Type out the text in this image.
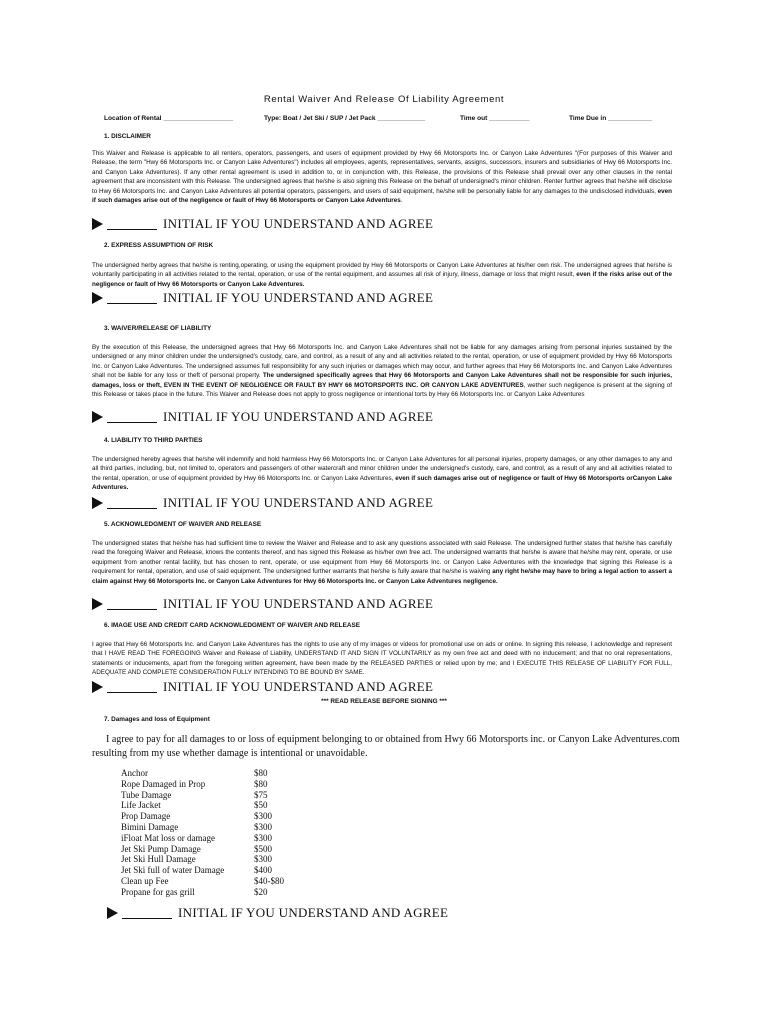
Rental Waiver And Release Of Liability Agreement
Location of Rental ___________________	Type: Boat / Jet Ski / SUP / Jet Pack _____________	Time out ___________	Time Due in ____________
1. DISCLAIMER
This Waiver and Release is applicable to all renters, operators, passengers, and users of equipment provided by Hwy 66 Motorsports Inc. or Canyon Lake Adventures "(For purposes of this Waiver and Release, the term "Hwy 66 Motorsports Inc. or Canyon Lake Adventures") includes all employees, agents, representatives, servants, assigns, successors, insurers and subsidiaries of Hwy 66 Motorsports Inc. and Canyon Lake Adventures). If any other rental agreement is used in addition to, or in conjunction with, this Release, the provisions of this Release shall prevail over any other clauses in the rental agreement that are inconsistent with this Release. The undersigned agrees that he/she is also signing this Release on the behalf of undersigned's minor children. Renter further agrees that he/she will disclose to Hwy 66 Motorsports Inc. and Canyon Lake Adventures all potential operators, passengers, and users of said equipment, he/she will be personally liable for any damages to the undisclosed individuals, even if such damages arise out of the negligence or fault of Hwy 66 Motorsports or Canyon Lake Adventures.
INITIAL IF YOU UNDERSTAND AND AGREE
2. EXPRESS ASSUMPTION OF RISK
The undersigned herby agrees that he/she is renting,operating, or using the equipment provided by Hwy 66 Motorsports or Canyon Lake Adventures at his/her own risk. The undersigned agrees that he/she is voluntarily participating in all activities related to the rental, operation, or use of the rental equipment, and assumes all risk of injury, illness, damage or loss that might result, even if the risks arise out of the negligence or fault of Hwy 66 Motorsports or Canyon Lake Adventures.
INITIAL IF YOU UNDERSTAND AND AGREE
3. WAIVER/RELEASE OF LIABILITY
By the execution of this Release, the undersigned agrees that Hwy 66 Motorsports Inc. and Canyon Lake Adventures shall not be liable for any damages arising from personal injuries sustained by the undersigned or any minor children under the undersigned's custody, care, and control, as a result of any and all activities related to the rental, operation, or use of equipment provided by Hwy 66 Motorsports Inc. or Canyon Lake Adventures. The undersigned assumes full responsibility for any such injuries or damages which may occur, and further agrees that Hwy 66 Motorsports Inc. and Canyon Lake Adventures shall not be liable for any loss or theft of personal property. The undersigned specifically agrees that Hwy 66 Motorsports and Canyon Lake Adventures shall not be responsible for such injuries, damages, loss or theft, EVEN IN THE EVENT OF NEGLIGENCE OR FAULT BY HWY 66 MOTORSPORTS INC. OR CANYON LAKE ADVENTURES, wether such negligence is present at the signing of this Release or takes place in the future. This Waiver and Release does not apply to gross negligence or intentional torts by Hwy 66 Motorsports Inc. or Canyon Lake Adventures
INITIAL IF YOU UNDERSTAND AND AGREE
4. LIABILITY TO THIRD PARTIES
The undersigned hereby agrees that he/she will indemnify and hold harmless Hwy 66 Motorsports Inc. or Canyon Lake Adventures for all personal injuries, property damages, or any other damages to any and all third parties, including, but, not limited to, operators and passengers of other watercraft and minor children under the undersigned's custody, care, and control, as a result of any and all activities related to the rental, operation, or use of equipment provided by Hwy 66 Motorsports Inc. or Canyon Lake Adventures, even if such damages arise out of negligence or fault of Hwy 66 Motorsports orCanyon Lake Adventures.
INITIAL IF YOU UNDERSTAND AND AGREE
5. ACKNOWLEDGMENT OF WAIVER AND RELEASE
The undersigned states that he/she has had sufficient time to review the Waiver and Release and to ask any questions associated with said Release. The undersigned further states that he/she has carefully read the foregoing Waiver and Release, knows the contents thereof, and has signed this Release as his/her own free act. The undersigned warrants that he/she is aware that he/she may rent, operate, or use equipment from another rental facility, but has chosen to rent, operate, or use equipment from Hwy 66 Motorsports Inc. or Canyon Lake Adventures with the knowledge that signing this Release is a requirement for rental, operation, and use of said equipment. The undersigned further warrants that he/she is fully aware that he/she is waiving any right he/she may have to bring a legal action to assert a claim against Hwy 66 Motorsports Inc. or Canyon Lake Adventures for Hwy 66 Motorsports Inc. or Canyon Lake Adventures negligence.
INITIAL IF YOU UNDERSTAND AND AGREE
6. IMAGE USE AND CREDIT CARD ACKNOWLEDGMENT OF WAIVER AND RELEASE
I agree that Hwy 66 Motorsports Inc. and Canyon Lake Adventures has the rights to use any of my images or videos for promotional use on ads or online. In signing this release, I acknowledge and represent that I HAVE READ THE FOREGOING Waiver and Release of Liability, UNDERSTAND IT AND SIGN IT VOLUNTARILY as my own free act and deed with no inducement; and that no oral representations, statements or inducements, apart from the foregoing written agreement, have been made by the RELEASED PARTIES or relied upon by me; and I EXECUTE THIS RELEASE OF LIABILITY FOR FULL, ADEQUATE AND COMPLETE CONSIDERATION FULLY INTENDING TO BE BOUND BY SAME.
INITIAL IF YOU UNDERSTAND AND AGREE
*** READ RELEASE BEFORE SIGNING ***
7. Damages and loss of Equipment
I agree to pay for all damages to or loss of equipment belonging to or obtained from Hwy 66 Motorsports inc. or Canyon Lake Adventures.com resulting from my use whether damage is intentional or unavoidable.
Anchor	$80
Rope Damaged in Prop	$80
Tube Damage	$75
Life Jacket	$50
Prop Damage	$300
Bimini Damage	$300
iFloat Mat loss or damage	$300
Jet Ski Pump Damage	$500
Jet Ski Hull Damage	$300
Jet Ski full of water Damage	$400
Clean up Fee	$40-$80
Propane for gas grill	$20
INITIAL IF YOU UNDERSTAND AND AGREE
